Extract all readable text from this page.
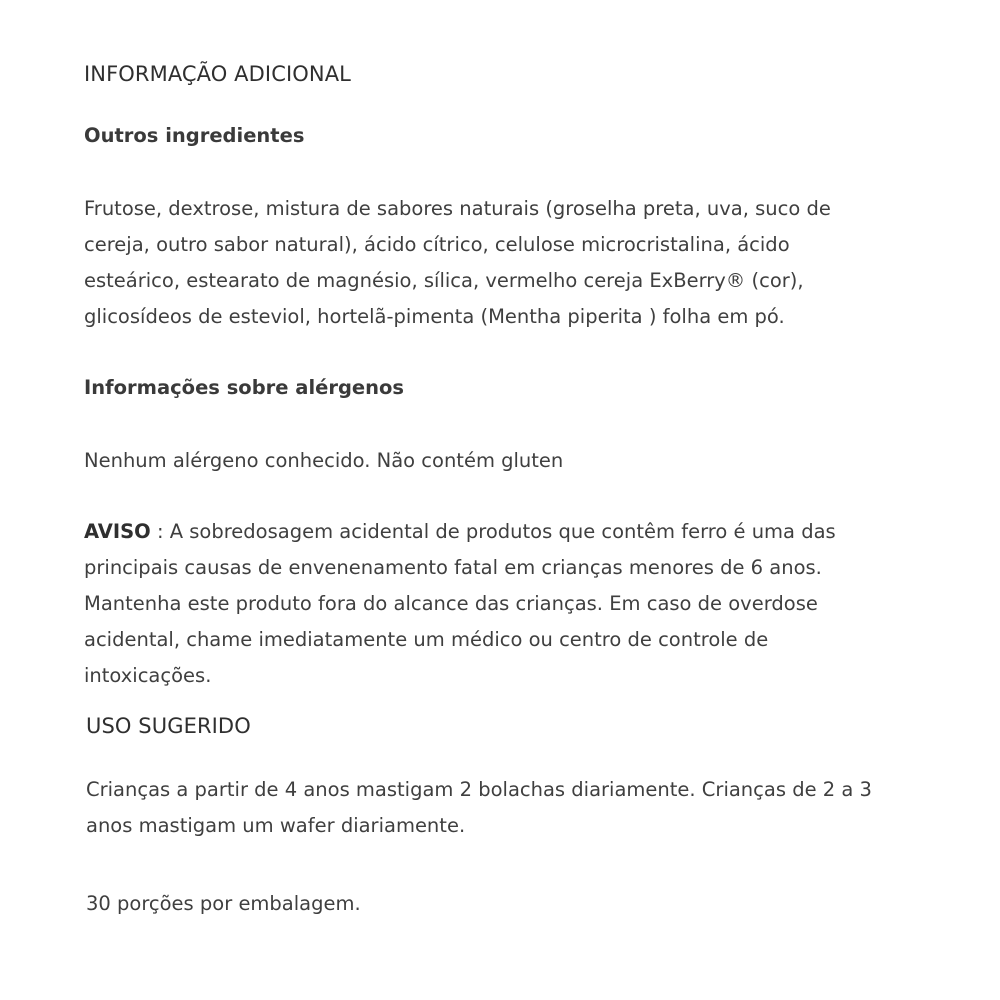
INFORMAÇÃO ADICIONAL
Outros ingredientes

Frutose, dextrose, mistura de sabores naturais (groselha preta, uva, suco de cereja, outro sabor natural), ácido cítrico, celulose microcristalina, ácido esteárico, estearato de magnésio, sílica, vermelho cereja ExBerry® (cor), glicosídeos de esteviol, hortelã-pimenta (Mentha piperita ) folha em pó.

Informações sobre alérgenos

Nenhum alérgeno conhecido. Não contém gluten

AVISO : A sobredosagem acidental de produtos que contêm ferro é uma das principais causas de envenenamento fatal em crianças menores de 6 anos. Mantenha este produto fora do alcance das crianças. Em caso de overdose acidental, chame imediatamente um médico ou centro de controle de intoxicações.

USO SUGERIDO

Crianças a partir de 4 anos mastigam 2 bolachas diariamente. Crianças de 2 a 3 anos mastigam um wafer diariamente.

30 porções por embalagem.
